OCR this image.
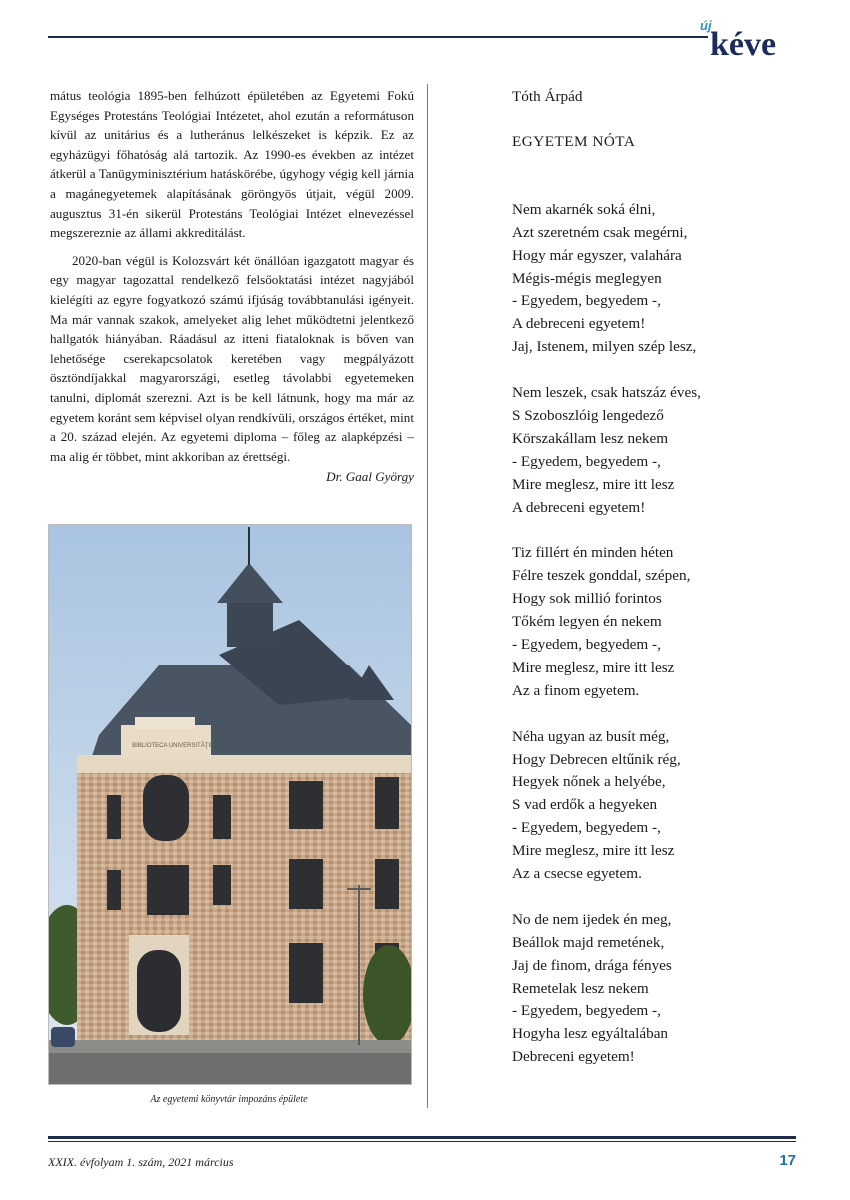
új
kéve

mátus teológia 1895-ben felhúzott épületében az Egyetemi Fokú Egységes Protestáns Teológiai Intézetet, ahol ezután a reformátuson kívül az unitárius és a lutheránus lelkészeket is képzik. Ez az egyházügyi főhatóság alá tartozik. Az 1990-es években az intézet átkerül a Tanügyminisztérium hatáskörébe, úgyhogy végig kell járnia a magánegyetemek alapításának göröngyös útjait, végül 2009. augusztus 31-én sikerül Protestáns Teológiai Intézet elnevezéssel megszereznie az állami akkreditálást.

2020-ban végül is Kolozsvárt két önállóan igazgatott magyar és egy magyar tagozattal rendelkező felsőoktatási intézet nagyjából kielégíti az egyre fogyatkozó számú ifjúság továbbtanulási igényeit. Ma már vannak szakok, amelyeket alig lehet működtetni jelentkező hallgatók hiányában. Ráadásul az itteni fiataloknak is bőven van lehetősége cserekapcsolatok keretében vagy megpályázott ösztöndíjakkal magyarországi, esetleg távolabbi egyetemeken tanulni, diplomát szerezni. Azt is be kell látnunk, hogy ma már az egyetem koránt sem képvisel olyan rendkívüli, országos értéket, mint a 20. század elején. Az egyetemi diploma – főleg az alapképzési – ma alig ér többet, mint akkoriban az érettségi.

Dr. Gaal György
BIBLIOTECA UNIVERSITĂŢII
Az egyetemi könyvtár impozáns épülete

Tóth Árpád

EGYETEM NÓTA

Nem akarnék soká élni,
Azt szeretném csak megérni,
Hogy már egyszer, valahára
Mégis-mégis meglegyen
- Egyedem, begyedem -,
A debreceni egyetem!
Jaj, Istenem, milyen szép lesz,
Nem leszek, csak hatszáz éves,
S Szoboszlóig lengedező
Körszakállam lesz nekem
- Egyedem, begyedem -,
Mire meglesz, mire itt lesz
A debreceni egyetem!
Tiz fillért én minden héten
Félre teszek gonddal, szépen,
Hogy sok millió forintos
Tőkém legyen én nekem
- Egyedem, begyedem -,
Mire meglesz, mire itt lesz
Az a finom egyetem.
Néha ugyan az busít még,
Hogy Debrecen eltűnik rég,
Hegyek nőnek a helyébe,
S vad erdők a hegyeken
- Egyedem, begyedem -,
Mire meglesz, mire itt lesz
Az a csecse egyetem.
No de nem ijedek én meg,
Beállok majd remetének,
Jaj de finom, drága fényes
Remetelak lesz nekem
- Egyedem, begyedem -,
Hogyha lesz egyáltalában
Debreceni egyetem!
XXIX. évfolyam 1. szám, 2021 március	17
